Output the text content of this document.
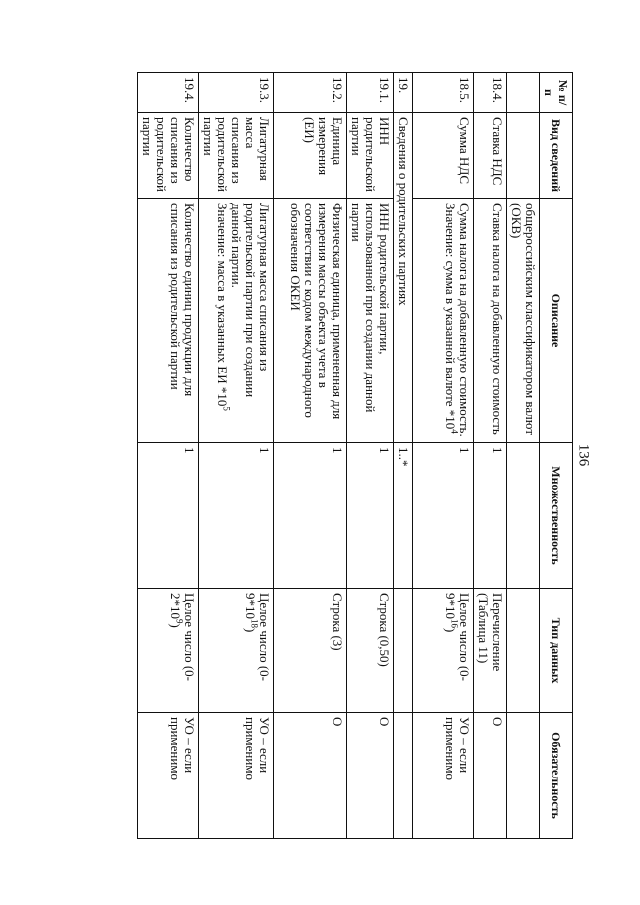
136
№ п/п	Вид сведений	Описание	Множественность	Тип данных	Обязательность
		общероссийским классификатором валют (ОКВ)			
18.4.	Ставка НДС	Ставка налога на добавленную стоимость	1	Перечисление (Таблица 11)	О
18.5.	Сумма НДС	Сумма налога на добавленную стоимость.
Значение: сумма в указанной валюте $*10^4$	1	Целое число $(0-9*10^{16})$	УО – если применимо
19.	Сведения о родительских партиях		1..*		
19.1.	ИНН родительской партии	ИНН родительской партии, использованной при создании данной партии	1	Строка (0,50)	О
19.2.	Единица измерения (ЕИ)	Физическая единица, примененная для измерения массы объекта учета в соответствии с кодом международного обозначения ОКЕИ	1	Строка (3)	О
19.3.	Лигатурная масса списания из родительской партии	Лигатурная масса списания из родительской партии при создании данной партии.
Значение: масса в указанных ЕИ $*10^5$	1	Целое число $(0-9*10^{18})$	УО – если применимо
19.4.	Количество списания из родительской партии	Количество единиц продукции для списания из родительской партии	1	Целое число $(0-2*10^9)$	УО – если применимо
